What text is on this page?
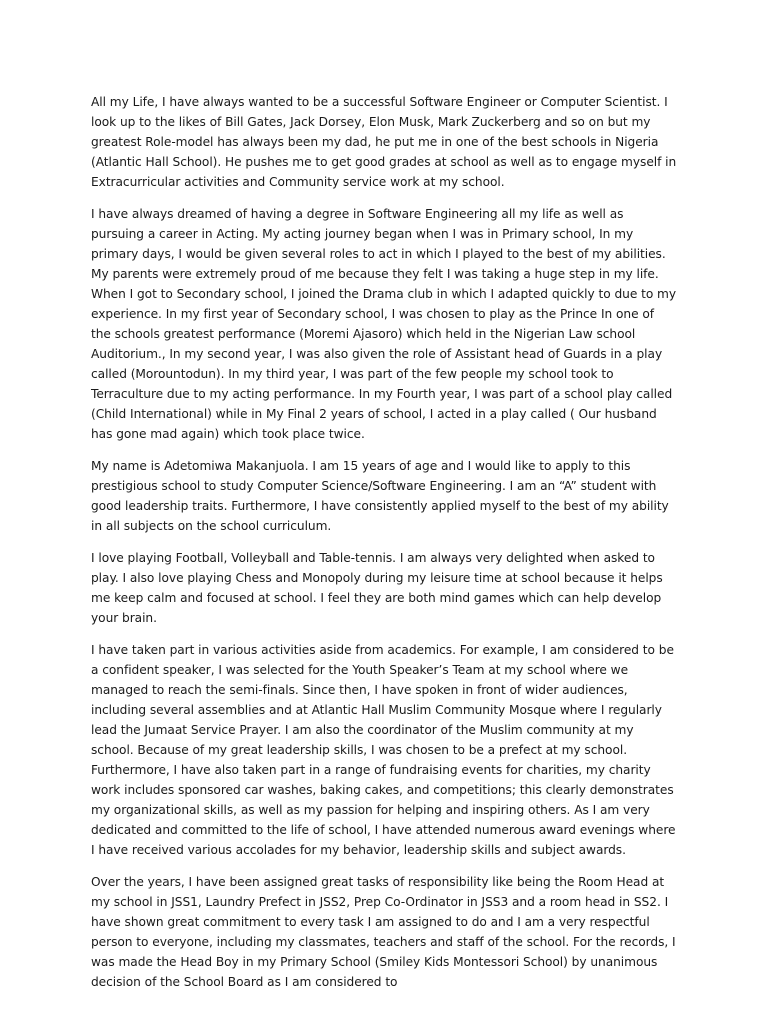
All my Life, I have always wanted to be a successful Software Engineer or Computer Scientist. I look up to the likes of Bill Gates, Jack Dorsey, Elon Musk, Mark Zuckerberg and so on but my greatest Role-model has always been my dad, he put me in one of the best schools in Nigeria (Atlantic Hall School). He pushes me to get good grades at school as well as to engage myself in Extracurricular activities and Community service work at my school.

I have always dreamed of having a degree in Software Engineering all my life as well as pursuing a career in Acting. My acting journey began when I was in Primary school, In my primary days, I would be given several roles to act in which I played to the best of my abilities. My parents were extremely proud of me because they felt I was taking a huge step in my life. When I got to Secondary school, I joined the Drama club in which I adapted quickly to due to my experience. In my first year of Secondary school, I was chosen to play as the Prince In one of the schools greatest performance (Moremi Ajasoro) which held in the Nigerian Law school Auditorium., In my second year, I was also given the role of Assistant head of Guards in a play called (Morountodun). In my third year, I was part of the few people my school took to Terraculture due to my acting performance. In my Fourth year, I was part of a school play called (Child International) while in My Final 2 years of school, I acted in a play called ( Our husband has gone mad again) which took place twice.

My name is Adetomiwa Makanjuola. I am 15 years of age and I would like to apply to this prestigious school to study Computer Science/Software Engineering. I am an “A” student with good leadership traits. Furthermore, I have consistently applied myself to the best of my ability in all subjects on the school curriculum.

I love playing Football, Volleyball and Table-tennis. I am always very delighted when asked to play. I also love playing Chess and Monopoly during my leisure time at school because it helps me keep calm and focused at school. I feel they are both mind games which can help develop your brain.

I have taken part in various activities aside from academics. For example, I am considered to be a confident speaker, I was selected for the Youth Speaker’s Team at my school where we managed to reach the semi-finals. Since then, I have spoken in front of wider audiences, including several assemblies and at Atlantic Hall Muslim Community Mosque where I regularly lead the Jumaat Service Prayer. I am also the coordinator of the Muslim community at my school. Because of my great leadership skills, I was chosen to be a prefect at my school. Furthermore, I have also taken part in a range of fundraising events for charities, my charity work includes sponsored car washes, baking cakes, and competitions; this clearly demonstrates my organizational skills, as well as my passion for helping and inspiring others. As I am very dedicated and committed to the life of school, I have attended numerous award evenings where I have received various accolades for my behavior, leadership skills and subject awards.

Over the years, I have been assigned great tasks of responsibility like being the Room Head at my school in JSS1, Laundry Prefect in JSS2, Prep Co-Ordinator in JSS3 and a room head in SS2. I have shown great commitment to every task I am assigned to do and I am a very respectful person to everyone, including my classmates, teachers and staff of the school. For the records, I was made the Head Boy in my Primary School (Smiley Kids Montessori School) by unanimous decision of the School Board as I am considered to
